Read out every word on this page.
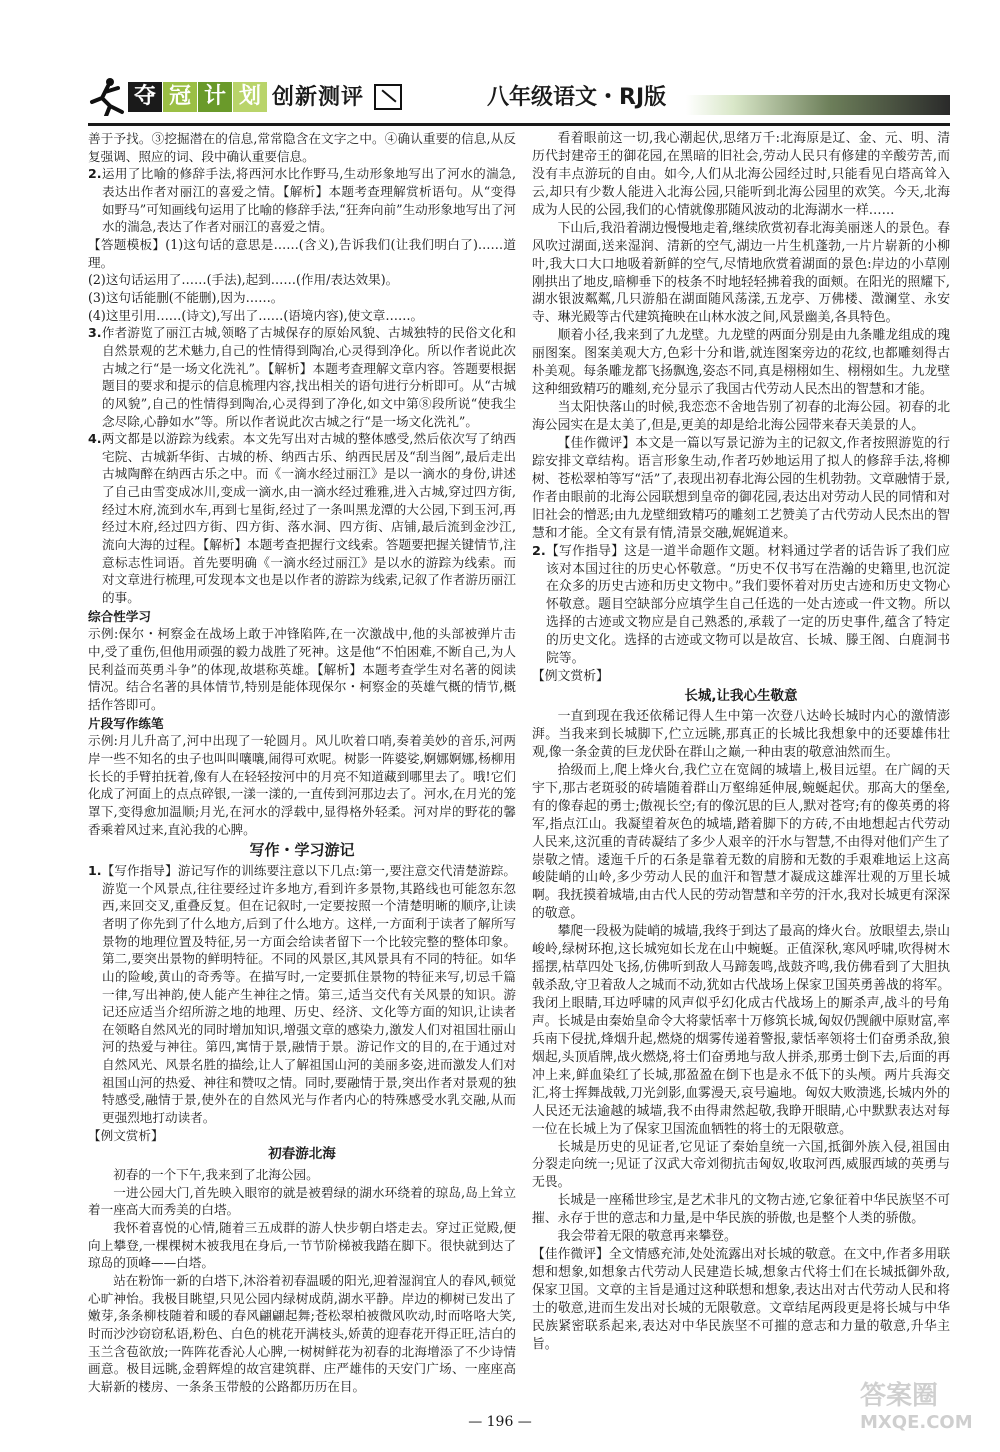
夺 冠 计 划 创新测评	八年级语文・RJ版

善于予找。③挖掘潜在的信息,常常隐含在文字之中。④确认重要的信息,从反复强调、照应的词、段中确认重要信息。

2.运用了比喻的修辞手法,将西河水比作野马,生动形象地写出了河水的湍急,表达出作者对丽江的喜爱之情。【解析】本题考查理解赏析语句。从“变得如野马”可知画线句运用了比喻的修辞手法,“狂奔向前”生动形象地写出了河水的湍急,表达了作者对丽江的喜爱之情。

【答题模板】(1)这句话的意思是……(含义),告诉我们(让我们明白了)……道理。

(2)这句话运用了……(手法),起到……(作用/表达效果)。

(3)这句话能删(不能删),因为……。

(4)这里引用……(诗文),写出了……(语境内容),使文章……。

3.作者游览了丽江古城,领略了古城保存的原始风貌、古城独特的民俗文化和自然景观的艺术魅力,自己的性情得到陶冶,心灵得到净化。所以作者说此次古城之行“是一场文化洗礼”。【解析】本题考查理解文章内容。答题要根据题目的要求和提示的信息梳理内容,找出相关的语句进行分析即可。从“古城的风貌”,自己的性情得到陶冶,心灵得到了净化,如文中第⑧段所说“使我尘念尽除,心静如水”等。所以作者说此次古城之行“是一场文化洗礼”。

4.两文都是以游踪为线索。本文先写出对古城的整体感受,然后依次写了纳西宅院、古城新华街、古城的桥、纳西古乐、纳西民居及“刮当阁”,最后走出古城陶醉在纳西古乐之中。而《一滴水经过丽江》是以一滴水的身份,讲述了自己由雪变成冰川,变成一滴水,由一滴水经过雅雅,进入古城,穿过四方街,经过木府,流到水车,再到七星街,经过了一条叫黑龙潭的大公园,下到玉河,再经过木府,经过四方街、四方街、落水洞、四方街、店铺,最后流到金沙江,流向大海的过程。【解析】本题考查把握行文线索。答题要把握关键情节,注意标志性词语。首先要明确《一滴水经过丽江》是以水的游踪为线索。而对文章进行梳理,可发现本文也是以作者的游踪为线索,记叙了作者游历丽江的事。

综合性学习

示例:保尔・柯察金在战场上敢于冲锋陷阵,在一次激战中,他的头部被弹片击中,受了重伤,但他用顽强的毅力战胜了死神。这是他“不怕困难,不断自己,为人民利益而英勇斗争”的体现,故堪称英雄。【解析】本题考查学生对名著的阅读情况。结合名著的具体情节,特别是能体现保尔・柯察金的英雄气概的情节,概括作答即可。

片段写作练笔

示例:月儿升高了,河中出现了一轮圆月。风儿吹着口哨,奏着美妙的音乐,河两岸一些不知名的虫子也叫叫嚷嚷,闹得可欢呢。树影一阵婆娑,婀娜婀娜,杨柳用长长的手臂拍抚着,像有人在轻轻按河中的月亮不知道藏到哪里去了。哦!它们化成了河面上的点点碎银,一漾一漾的,一直传到河那边去了。河水,在月光的笼罩下,变得愈加温顺;月光,在河水的浮载中,显得格外轻柔。河对岸的野花的馨香乘着风过来,直沁我的心脾。

写作・学习游记

1.【写作指导】游记写作的训练要注意以下几点:第一,要注意交代清楚游踪。游览一个风景点,往往要经过许多地方,看到许多景物,其路线也可能忽东忽西,来回交叉,重叠反复。但在记叙时,一定要按照一个清楚明晰的顺序,让读者明了你先到了什么地方,后到了什么地方。这样,一方面利于读者了解所写景物的地理位置及特征,另一方面会给读者留下一个比较完整的整体印象。第二,要突出景物的鲜明特征。不同的风景区,其风景具有不同的特征。如华山的险峻,黄山的奇秀等。在描写时,一定要抓住景物的特征来写,切忌千篇一律,写出神韵,使人能产生神往之情。第三,适当交代有关风景的知识。游记还应适当介绍所游之地的地理、历史、经济、文化等方面的知识,让读者在领略自然风光的同时增加知识,增强文章的感染力,激发人们对祖国壮丽山河的热爱与神往。第四,寓情于景,融情于景。游记作文的目的,在于通过对自然风光、风景名胜的描绘,让人了解祖国山河的美丽多姿,进而激发人们对祖国山河的热爱、神往和赞叹之情。同时,要融情于景,突出作者对景观的独特感受,融情于景,使外在的自然风光与作者内心的特殊感受水乳交融,从而更强烈地打动读者。

【例文赏析】

初春游北海

初春的一个下午,我来到了北海公园。

一进公园大门,首先映入眼帘的就是被碧绿的湖水环绕着的琼岛,岛上耸立着一座高大而秀美的白塔。

我怀着喜悦的心情,随着三五成群的游人快步朝白塔走去。穿过正觉殿,便向上攀登,一棵棵树木被我甩在身后,一节节阶梯被我踏在脚下。很快就到达了琼岛的顶峰——白塔。

站在粉饰一新的白塔下,沐浴着初春温暖的阳光,迎着湿润宜人的春风,顿觉心旷神怡。我极目眺望,只见公园内绿树成荫,湖水平静。岸边的柳树已发出了嫩芽,条条柳枝随着和暖的春风翩翩起舞;苍松翠柏被微风吹动,时而咯咯大笑,时而沙沙窃窃私语,粉色、白色的桃花开满枝头,娇黄的迎春花开得正旺,洁白的玉兰含苞欲放;一阵阵花香沁人心脾,一树树鲜花为初春的北海增添了不少诗情画意。极目远眺,金碧辉煌的故宫建筑群、庄严雄伟的天安门广场、一座座高大崭新的楼房、一条条玉带般的公路都历历在目。

看着眼前这一切,我心潮起伏,思绪万千:北海原是辽、金、元、明、清历代封建帝王的御花园,在黑暗的旧社会,劳动人民只有修建的辛酸劳苦,而没有丰点游玩的自由。如今,人们从北海公园经过时,只能看见白塔高耸入云,却只有少数人能进入北海公园,只能听到北海公园里的欢笑。今天,北海成为人民的公园,我们的心情就像那随风波动的北海湖水一样……

下山后,我沿着湖边慢慢地走着,继续欣赏初春北海美丽迷人的景色。春风吹过湖面,送来湿润、清新的空气,湖边一片生机蓬勃,一片片崭新的小柳叶,我大口大口地吸着新鲜的空气,尽情地欣赏着湖面的景色:岸边的小草刚刚拱出了地皮,暗柳垂下的枝条不时地轻轻拂着我的面颊。在阳光的照耀下,湖水银波粼粼,几只游船在湖面随风荡漾,五龙亭、万佛楼、澂澜堂、永安寺、琳光殿等古代建筑掩映在山林水波之间,风景幽美,各具特色。

顺着小径,我来到了九龙壁。九龙壁的两面分别是由九条雕龙组成的瑰丽图案。图案美观大方,色彩十分和谐,就连图案旁边的花纹,也都雕刻得古朴美观。每条雕龙都飞扬飘逸,姿态不同,真是栩栩如生、栩栩如生。九龙壁这种细致精巧的雕刻,充分显示了我国古代劳动人民杰出的智慧和才能。

当太阳快落山的时候,我恋恋不舍地告别了初春的北海公园。初春的北海公园实在是太美了,但是,更美的却是给北海公园带来春天美景的人。

【佳作微评】本文是一篇以写景记游为主的记叙文,作者按照游览的行踪安排文章结构。语言形象生动,作者巧妙地运用了拟人的修辞手法,将柳树、苍松翠柏等写“活”了,表现出初春北海公园的生机勃勃。文章融情于景,作者由眼前的北海公园联想到皇帝的御花园,表达出对劳动人民的同情和对旧社会的憎恶;由九龙壁细致精巧的雕刻工艺赞美了古代劳动人民杰出的智慧和才能。全文有景有情,清景交融,娓娓道来。

2.【写作指导】这是一道半命题作文题。材料通过学者的话告诉了我们应该对本国过往的历史心怀敬意。“历史不仅书写在浩瀚的史籍里,也沉淀在众多的历史古迹和历史文物中。”我们要怀着对历史古迹和历史文物心怀敬意。题目空缺部分应填学生自己任选的一处古迹或一件文物。所以选择的古迹或文物应是自己熟悉的,承载了一定的历史事件,蕴含了特定的历史文化。选择的古迹或文物可以是故宫、长城、滕王阁、白鹿洞书院等。

【例文赏析】

长城,让我心生敬意

一直到现在我还依稀记得人生中第一次登八达岭长城时内心的激情澎湃。当我来到长城脚下,伫立远眺,那真正的长城比我想象中的还要雄伟壮观,像一条金黄的巨龙伏卧在群山之巅,一种由衷的敬意油然而生。

拾级而上,爬上烽火台,我伫立在宽阔的城墙上,极目远望。在广阔的天宇下,那古老斑驳的砖墙随着群山万壑绵延伸展,蜿蜒起伏。那高大的堡垒,有的像春起的勇士;傲视长空;有的像沉思的巨人,默对苍穹;有的像英勇的将军,指点江山。我凝望着灰色的城墙,踏着脚下的方砖,不由地想起古代劳动人民来,这沉重的青砖凝结了多少人艰辛的汗水与智慧,不由得对他们产生了崇敬之情。逶迤千斤的石条是靠着无数的肩膀和无数的手艰难地运上这高峻陡峭的山岭,多少劳动人民的血汗和智慧才凝成这雄浑壮观的万里长城啊。我抚摸着城墙,由古代人民的劳动智慧和辛劳的汗水,我对长城更有深深的敬意。

攀爬一段极为陡峭的城墙,我终于到达了最高的烽火台。放眼望去,崇山峻岭,绿树环抱,这长城宛如长龙在山中蜿蜒。正值深秋,寒风呼啸,吹得树木摇摆,枯草四处飞扬,仿佛听到敌人马蹄轰鸣,战鼓齐鸣,我仿佛看到了大胆执戟杀敌,守卫着敌人之城而不动,犹如古代战场上保家卫国英勇善战的将军。我闭上眼睛,耳边呼啸的风声似乎幻化成古代战场上的厮杀声,战斗的号角声。长城是由秦始皇命令大将蒙恬率十万修筑长城,匈奴仍觊觎中原财富,率兵南下侵扰,烽烟升起,燃烧的烟雾传递着警报,蒙恬率领将士们奋勇杀敌,狼烟起,头顶盾牌,战火燃烧,将士们奋勇地与敌人拼杀,那勇士倒下去,后面的再冲上来,鲜血染红了长城,那盈盈在倒下也是永不低下的头颅。两片兵海交汇,将士挥舞战戟,刀光剑影,血雾漫天,哀号遍地。匈奴大败溃逃,长城内外的人民还无法逾越的城墙,我不由得肃然起敬,我睁开眼睛,心中默默表达对每一位在长城上为了保家卫国流血牺牲的将士的无限敬意。

长城是历史的见证者,它见证了秦始皇统一六国,抵御外族入侵,祖国由分裂走向统一;见证了汉武大帝刘彻抗击匈奴,收取河西,威服西域的英勇与无畏。

长城是一座稀世珍宝,是艺术非凡的文物古迹,它象征着中华民族坚不可摧、永存于世的意志和力量,是中华民族的骄傲,也是整个人类的骄傲。

我会带着无限的敬意再来攀登。

【佳作微评】全文情感充沛,处处流露出对长城的敬意。在文中,作者多用联想和想象,如想象古代劳动人民建造长城,想象古代将士们在长城抵御外敌,保家卫国。文章的主旨是通过这种联想和想象,表达出对古代劳动人民和将士的敬意,进而生发出对长城的无限敬意。文章结尾两段更是将长城与中华民族紧密联系起来,表达对中华民族坚不可摧的意志和力量的敬意,升华主旨。

— 196 —
答案圈
MXQE.COM
